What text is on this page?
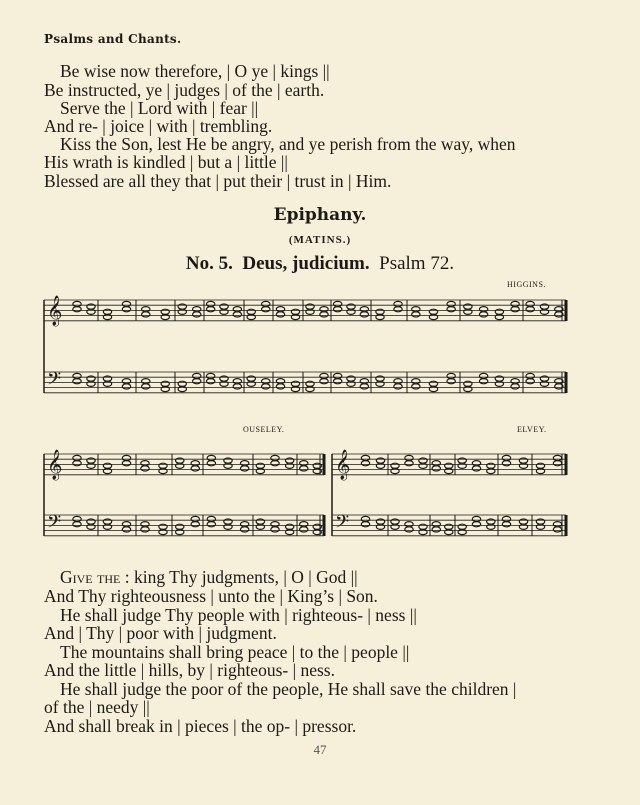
Psalms and Chants.
Be wise now therefore, | O ye | kings ||
Be instructed, ye | judges | of the | earth.
Serve the | Lord with | fear ||
And re- | joice | with | trembling.
Kiss the Son, lest He be angry, and ye perish from the way, when
His wrath is kindled | but a | little ||
Blessed are all they that | put their | trust in | Him.
Epiphany.
(MATINS.)
No. 5. Deus, judicium. Psalm 72.
HIGGINS.
OUSELEY.	ELVEY.
𝄞
𝄢
𝄞
𝄢
𝄞
𝄢
Give the : king Thy judgments, | O | God ||
And Thy righteousness | unto the | King’s | Son.
He shall judge Thy people with | righteous- | ness ||
And | Thy | poor with | judgment.
The mountains shall bring peace | to the | people ||
And the little | hills, by | righteous- | ness.
He shall judge the poor of the people, He shall save the children |
of the | needy ||
And shall break in | pieces | the op- | pressor.
47
